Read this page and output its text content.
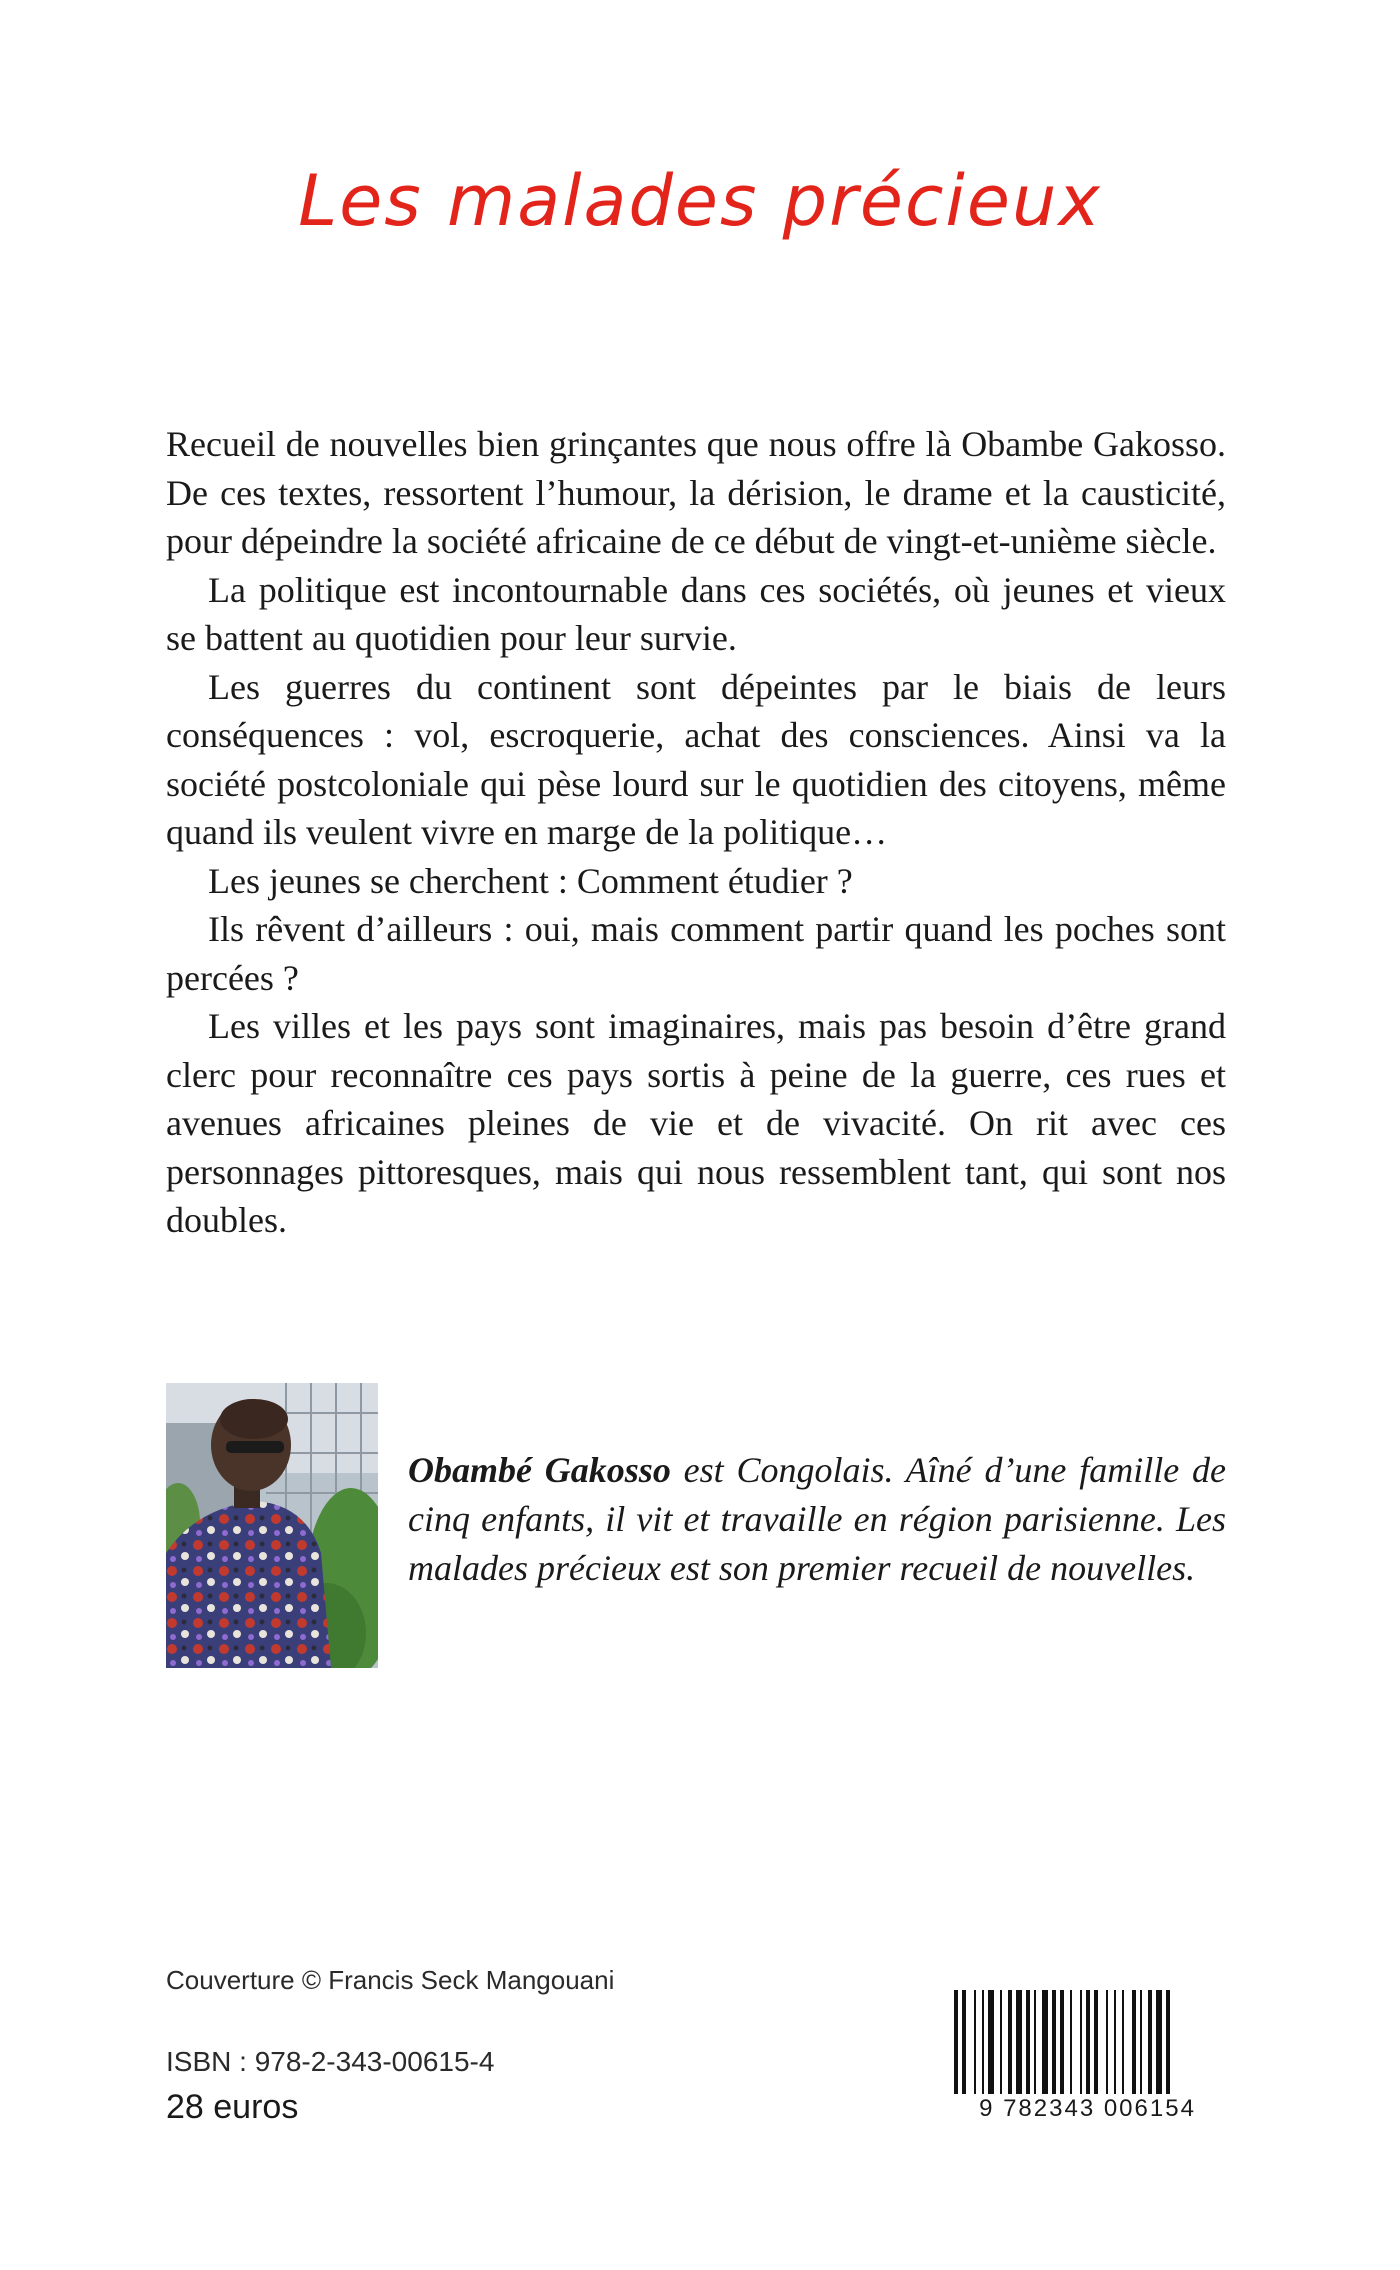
Les malades précieux

Recueil de nouvelles bien grinçantes que nous offre là Obambe Gakosso. De ces textes, ressortent l’humour, la dérision, le drame et la causticité, pour dépeindre la société africaine de ce début de vingt-et-unième siècle.

La politique est incontournable dans ces sociétés, où jeunes et vieux se battent au quotidien pour leur survie.

Les guerres du continent sont dépeintes par le biais de leurs conséquences : vol, escroquerie, achat des consciences. Ainsi va la société postcoloniale qui pèse lourd sur le quotidien des citoyens, même quand ils veulent vivre en marge de la politique…

Les jeunes se cherchent : Comment étudier ?

Ils rêvent d’ailleurs : oui, mais comment partir quand les poches sont percées ?

Les villes et les pays sont imaginaires, mais pas besoin d’être grand clerc pour reconnaître ces pays sortis à peine de la guerre, ces rues et avenues africaines pleines de vie et de vivacité. On rit avec ces personnages pittoresques, mais qui nous ressemblent tant, qui sont nos doubles.

Obambé Gakosso est Congolais. Aîné d’une famille de cinq enfants, il vit et travaille en région parisienne. Les malades précieux est son premier recueil de nouvelles.

Couverture © Francis Seck Mangouani
ISBN : 978-2-343-00615-4
28 euros	9 782343 006154
